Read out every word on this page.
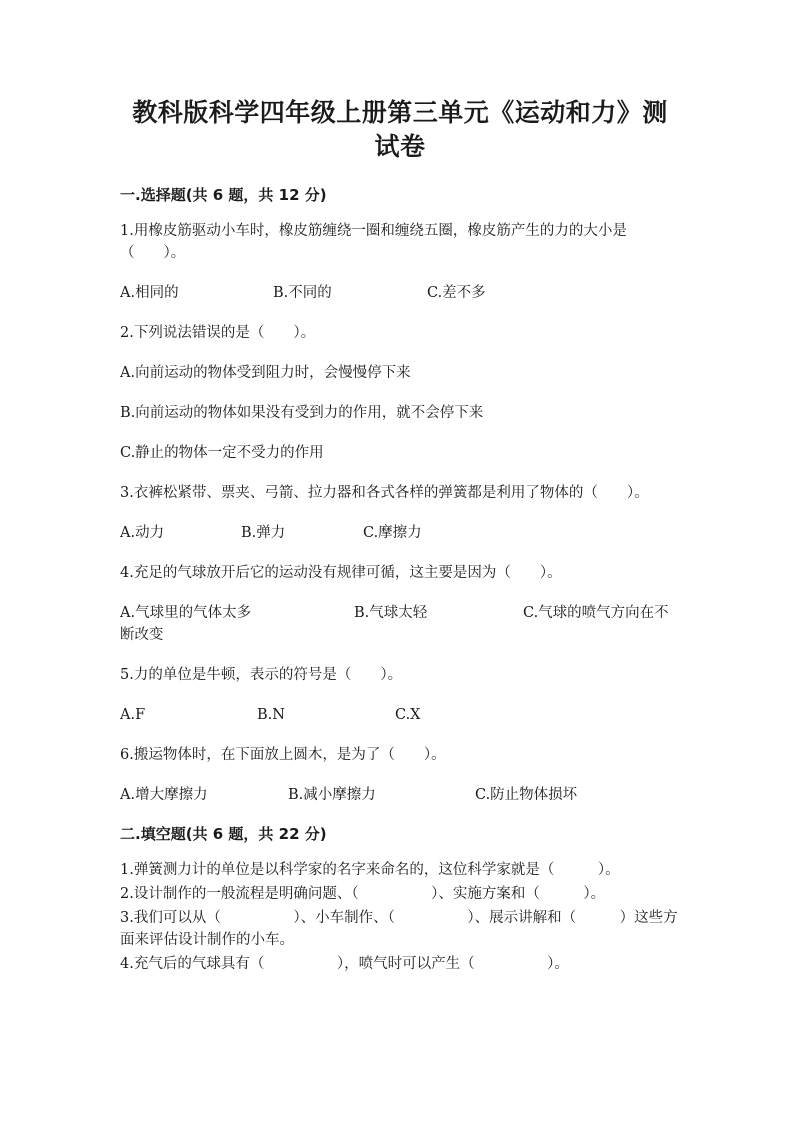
教科版科学四年级上册第三单元《运动和力》测试卷
一.选择题(共 6 题，共 12 分)
1.用橡皮筋驱动小车时，橡皮筋缠绕一圈和缠绕五圈，橡皮筋产生的力的大小是（　　）。
A.相同的	B.不同的	C.差不多
2.下列说法错误的是（　　）。
A.向前运动的物体受到阻力时，会慢慢停下来
B.向前运动的物体如果没有受到力的作用，就不会停下来
C.静止的物体一定不受力的作用
3.衣裤松紧带、票夹、弓箭、拉力器和各式各样的弹簧都是利用了物体的（　　）。
A.动力	B.弹力	C.摩擦力
4.充足的气球放开后它的运动没有规律可循，这主要是因为（　　）。
A.气球里的气体太多	B.气球太轻	C.气球的喷气方向在不断改变
5.力的单位是牛顿，表示的符号是（　　）。
A.F	B.N	C.X
6.搬运物体时，在下面放上圆木，是为了（　　）。
A.增大摩擦力	B.减小摩擦力	C.防止物体损坏
二.填空题(共 6 题，共 22 分)
1.弹簧测力计的单位是以科学家的名字来命名的，这位科学家就是（　　　）。
2.设计制作的一般流程是明确问题、（　　　　　）、实施方案和（　　　）。
3.我们可以从（　　　　　）、小车制作、（　　　　　）、展示讲解和（　　　）这些方面来评估设计制作的小车。
4.充气后的气球具有（　　　　　），喷气时可以产生（　　　　　）。
